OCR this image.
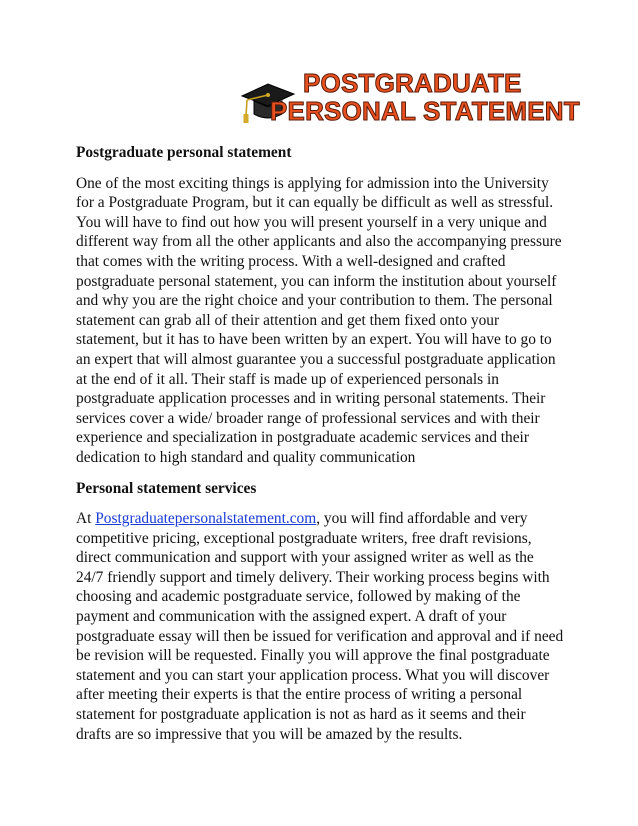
POSTGRADUATE
PERSONAL STATEMENT
Postgraduate personal statement

One of the most exciting things is applying for admission into the University for a Postgraduate Program, but it can equally be difficult as well as stressful. You will have to find out how you will present yourself in a very unique and different way from all the other applicants and also the accompanying pressure that comes with the writing process. With a well-designed and crafted postgraduate personal statement, you can inform the institution about yourself and why you are the right choice and your contribution to them. The personal statement can grab all of their attention and get them fixed onto your statement, but it has to have been written by an expert. You will have to go to an expert that will almost guarantee you a successful postgraduate application at the end of it all. Their staff is made up of experienced personals in postgraduate application processes and in writing personal statements. Their services cover a wide/ broader range of professional services and with their experience and specialization in postgraduate academic services and their dedication to high standard and quality communication

Personal statement services

At Postgraduatepersonalstatement.com, you will find affordable and very competitive pricing, exceptional postgraduate writers, free draft revisions, direct communication and support with your assigned writer as well as the 24/7 friendly support and timely delivery. Their working process begins with choosing and academic postgraduate service, followed by making of the payment and communication with the assigned expert. A draft of your postgraduate essay will then be issued for verification and approval and if need be revision will be requested. Finally you will approve the final postgraduate statement and you can start your application process. What you will discover after meeting their experts is that the entire process of writing a personal statement for postgraduate application is not as hard as it seems and their drafts are so impressive that you will be amazed by the results.
